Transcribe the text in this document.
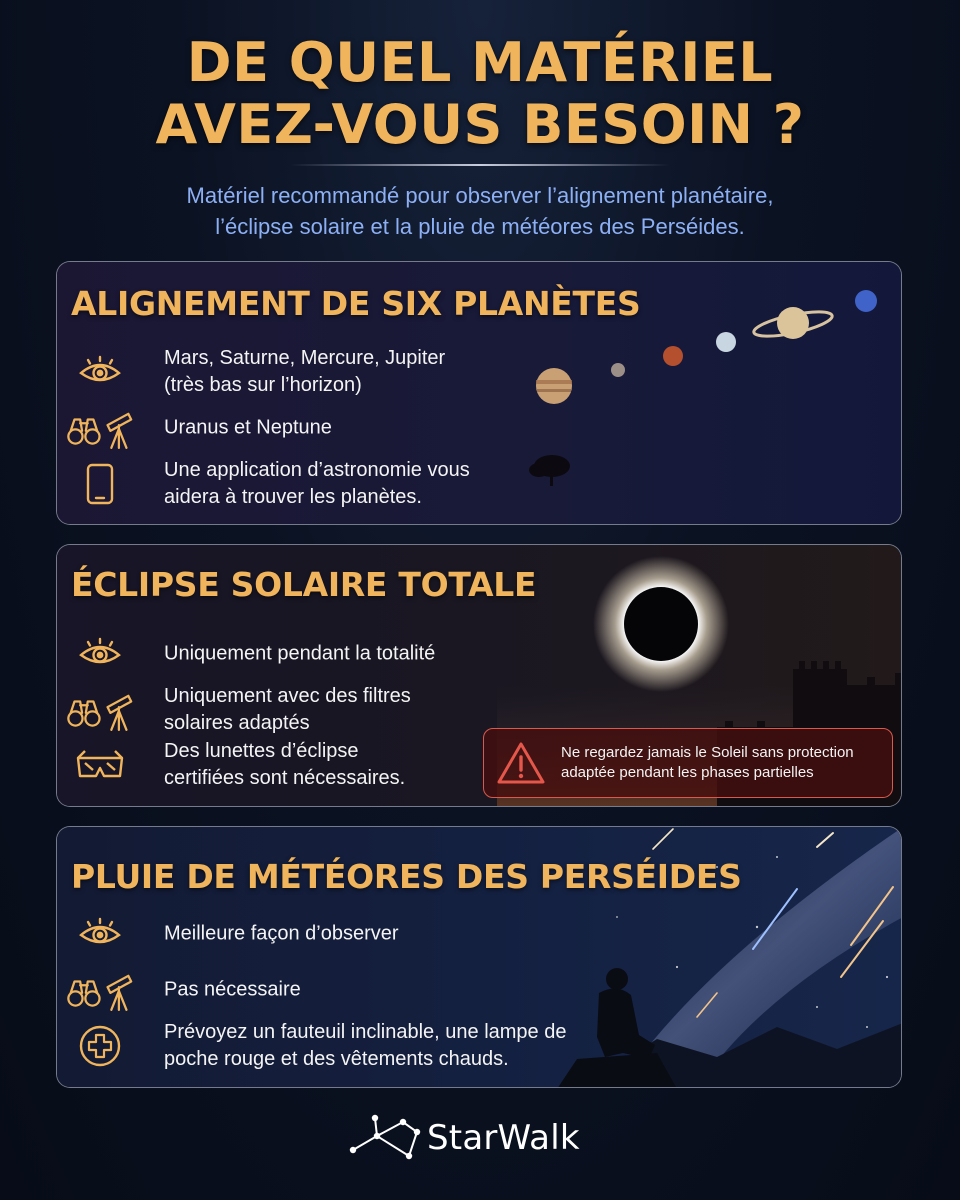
DE QUEL MATÉRIEL
AVEZ-VOUS BESOIN ?
Matériel recommandé pour observer l’alignement planétaire,
l’éclipse solaire et la pluie de météores des Perséides.
ALIGNEMENT DE SIX PLANÈTES
Mars, Saturne, Mercure, Jupiter
(très bas sur l’horizon)
Uranus et Neptune
Une application d’astronomie vous
aidera à trouver les planètes.
ÉCLIPSE SOLAIRE TOTALE
Uniquement pendant la totalité
Uniquement avec des filtres
solaires adaptés
Des lunettes d’éclipse
certifiées sont nécessaires.
Ne regardez jamais le Soleil sans protection
adaptée pendant les phases partielles
PLUIE DE MÉTÉORES DES PERSÉIDES
Meilleure façon d’observer
Pas nécessaire
Prévoyez un fauteuil inclinable, une lampe de
poche rouge et des vêtements chauds.
StarWalk
